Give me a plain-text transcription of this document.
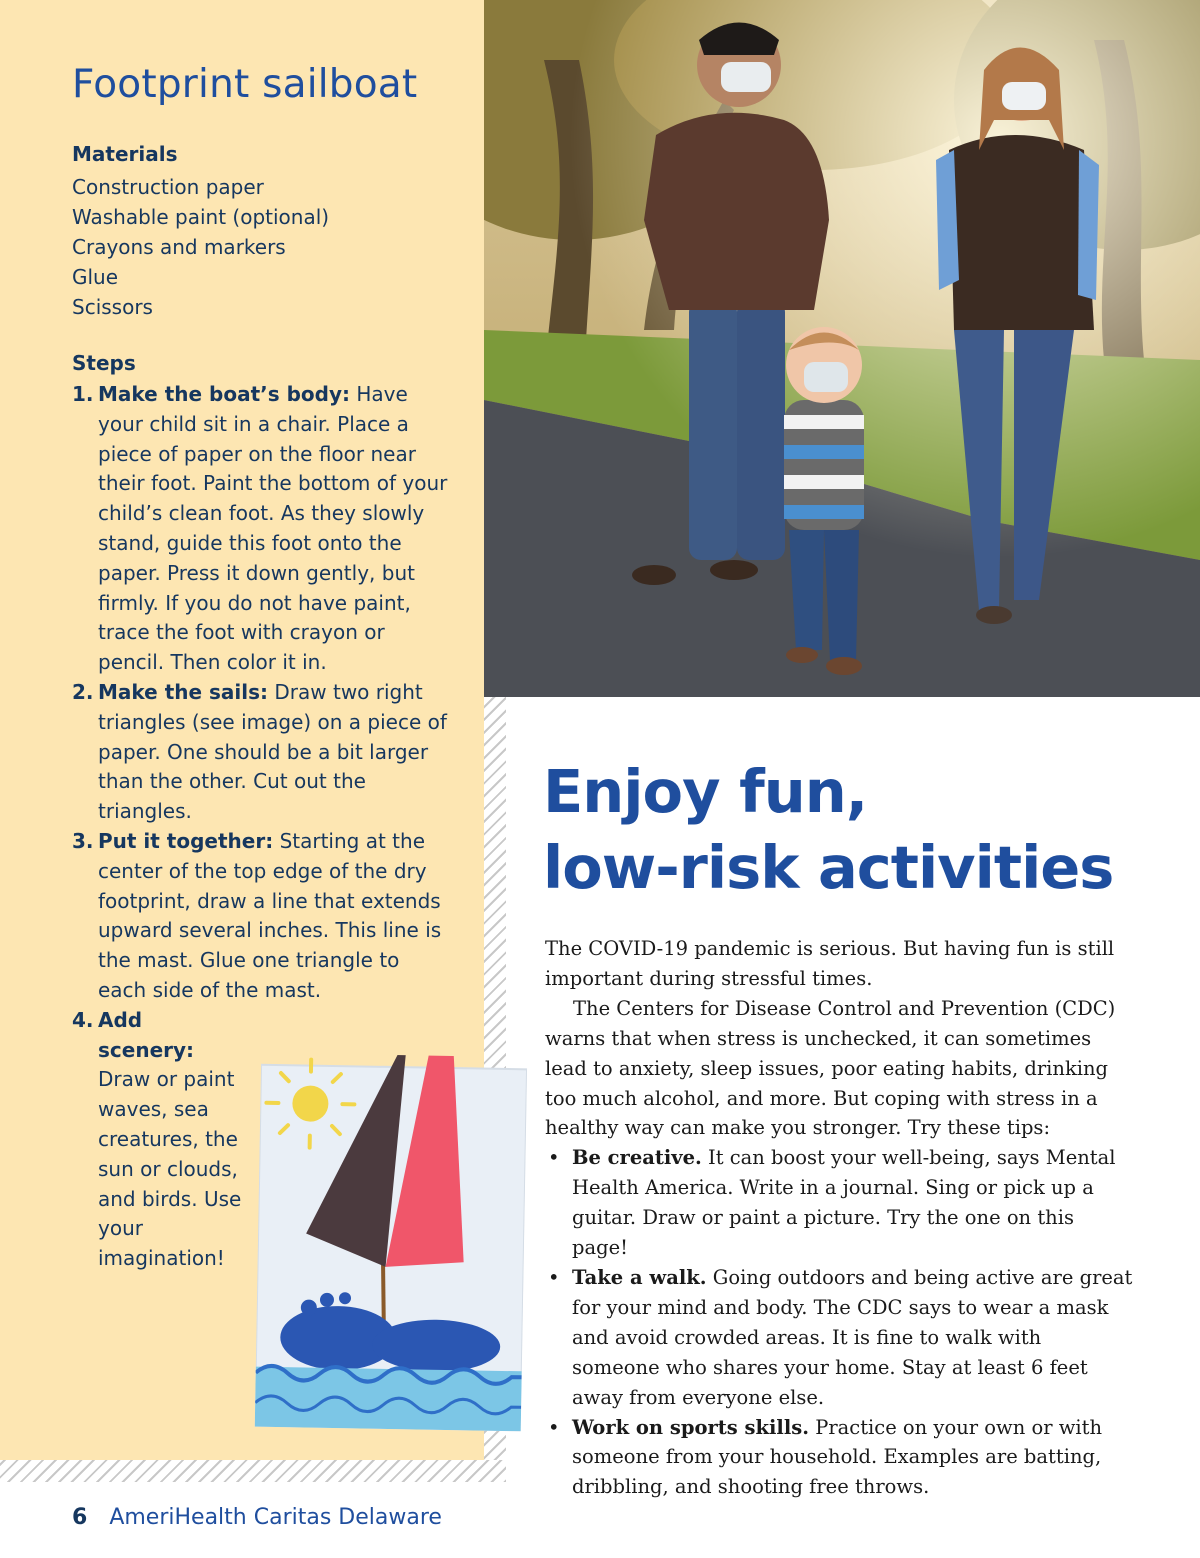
Footprint sailboat
Materials
Construction paper
Washable paint (optional)
Crayons and markers
Glue
Scissors
Steps
1. Make the boat’s body: Have your child sit in a chair. Place a piece of paper on the floor near their foot. Paint the bottom of your child’s clean foot. As they slowly stand, guide this foot onto the paper. Press it down gently, but firmly. If you do not have paint, trace the foot with crayon or pencil. Then color it in.
2. Make the sails: Draw two right triangles (see image) on a piece of paper. One should be a bit larger than the other. Cut out the triangles.
3. Put it together: Starting at the center of the top edge of the dry footprint, draw a line that extends upward several inches. This line is the mast. Glue one triangle to each side of the mast.
4. Add scenery: Draw or paint waves, sea creatures, the sun or clouds, and birds. Use your imagination!
Enjoy fun,
low-risk activities

The COVID-19 pandemic is serious. But having fun is still important during stressful times.

The Centers for Disease Control and Prevention (CDC) warns that when stress is unchecked, it can sometimes lead to anxiety, sleep issues, poor eating habits, drinking too much alcohol, and more. But coping with stress in a healthy way can make you stronger. Try these tips:

• Be creative. It can boost your well-being, says Mental Health America. Write in a journal. Sing or pick up a guitar. Draw or paint a picture. Try the one on this page!
• Take a walk. Going outdoors and being active are great for your mind and body. The CDC says to wear a mask and avoid crowded areas. It is fine to walk with someone who shares your home. Stay at least 6 feet away from everyone else.
• Work on sports skills. Practice on your own or with someone from your household. Examples are batting, dribbling, and shooting free throws.
6 AmeriHealth Caritas Delaware
